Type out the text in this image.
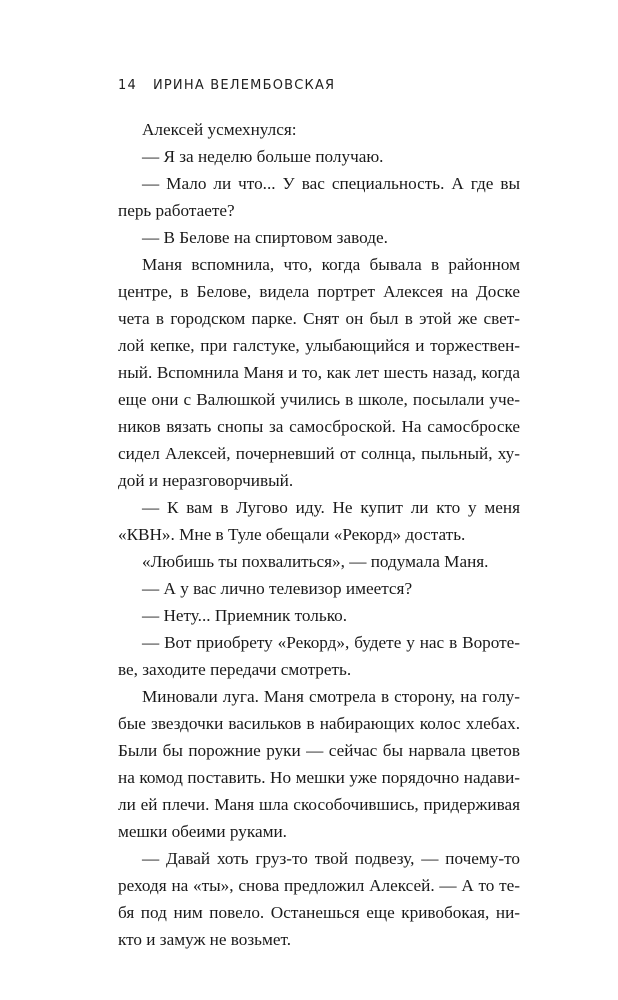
14 ИРИНА ВЕЛЕМБОВСКАЯ
Алексей усмехнулся:
— Я за неделю больше получаю.
— Мало ли что... У вас специальность. А где вы
перь работаете?
— В Белове на спиртовом заводе.
Маня вспомнила, что, когда бывала в районном
центре, в Белове, видела портрет Алексея на Доске
чета в городском парке. Снят он был в этой же свет-
лой кепке, при галстуке, улыбающийся и торжествен-
ный. Вспомнила Маня и то, как лет шесть назад, когда
еще они с Валюшкой учились в школе, посылали уче-
ников вязать снопы за самосброской. На самосброске
сидел Алексей, почерневший от солнца, пыльный, ху-
дой и неразговорчивый.
— К вам в Лугово иду. Не купит ли кто у меня
«КВН». Мне в Туле обещали «Рекорд» достать.
«Любишь ты похвалиться», — подумала Маня.
— А у вас лично телевизор имеется?
— Нету... Приемник только.
— Вот приобрету «Рекорд», будете у нас в Вороте-
ве, заходите передачи смотреть.
Миновали луга. Маня смотрела в сторону, на голу-
бые звездочки васильков в набирающих колос хлебах.
Были бы порожние руки — сейчас бы нарвала цветов
на комод поставить. Но мешки уже порядочно надави-
ли ей плечи. Маня шла скособочившись, придерживая
мешки обеими руками.
— Давай хоть груз-то твой подвезу, — почему-то
реходя на «ты», снова предложил Алексей. — А то те-
бя под ним повело. Останешься еще кривобокая, ни-
кто и замуж не возьмет.
